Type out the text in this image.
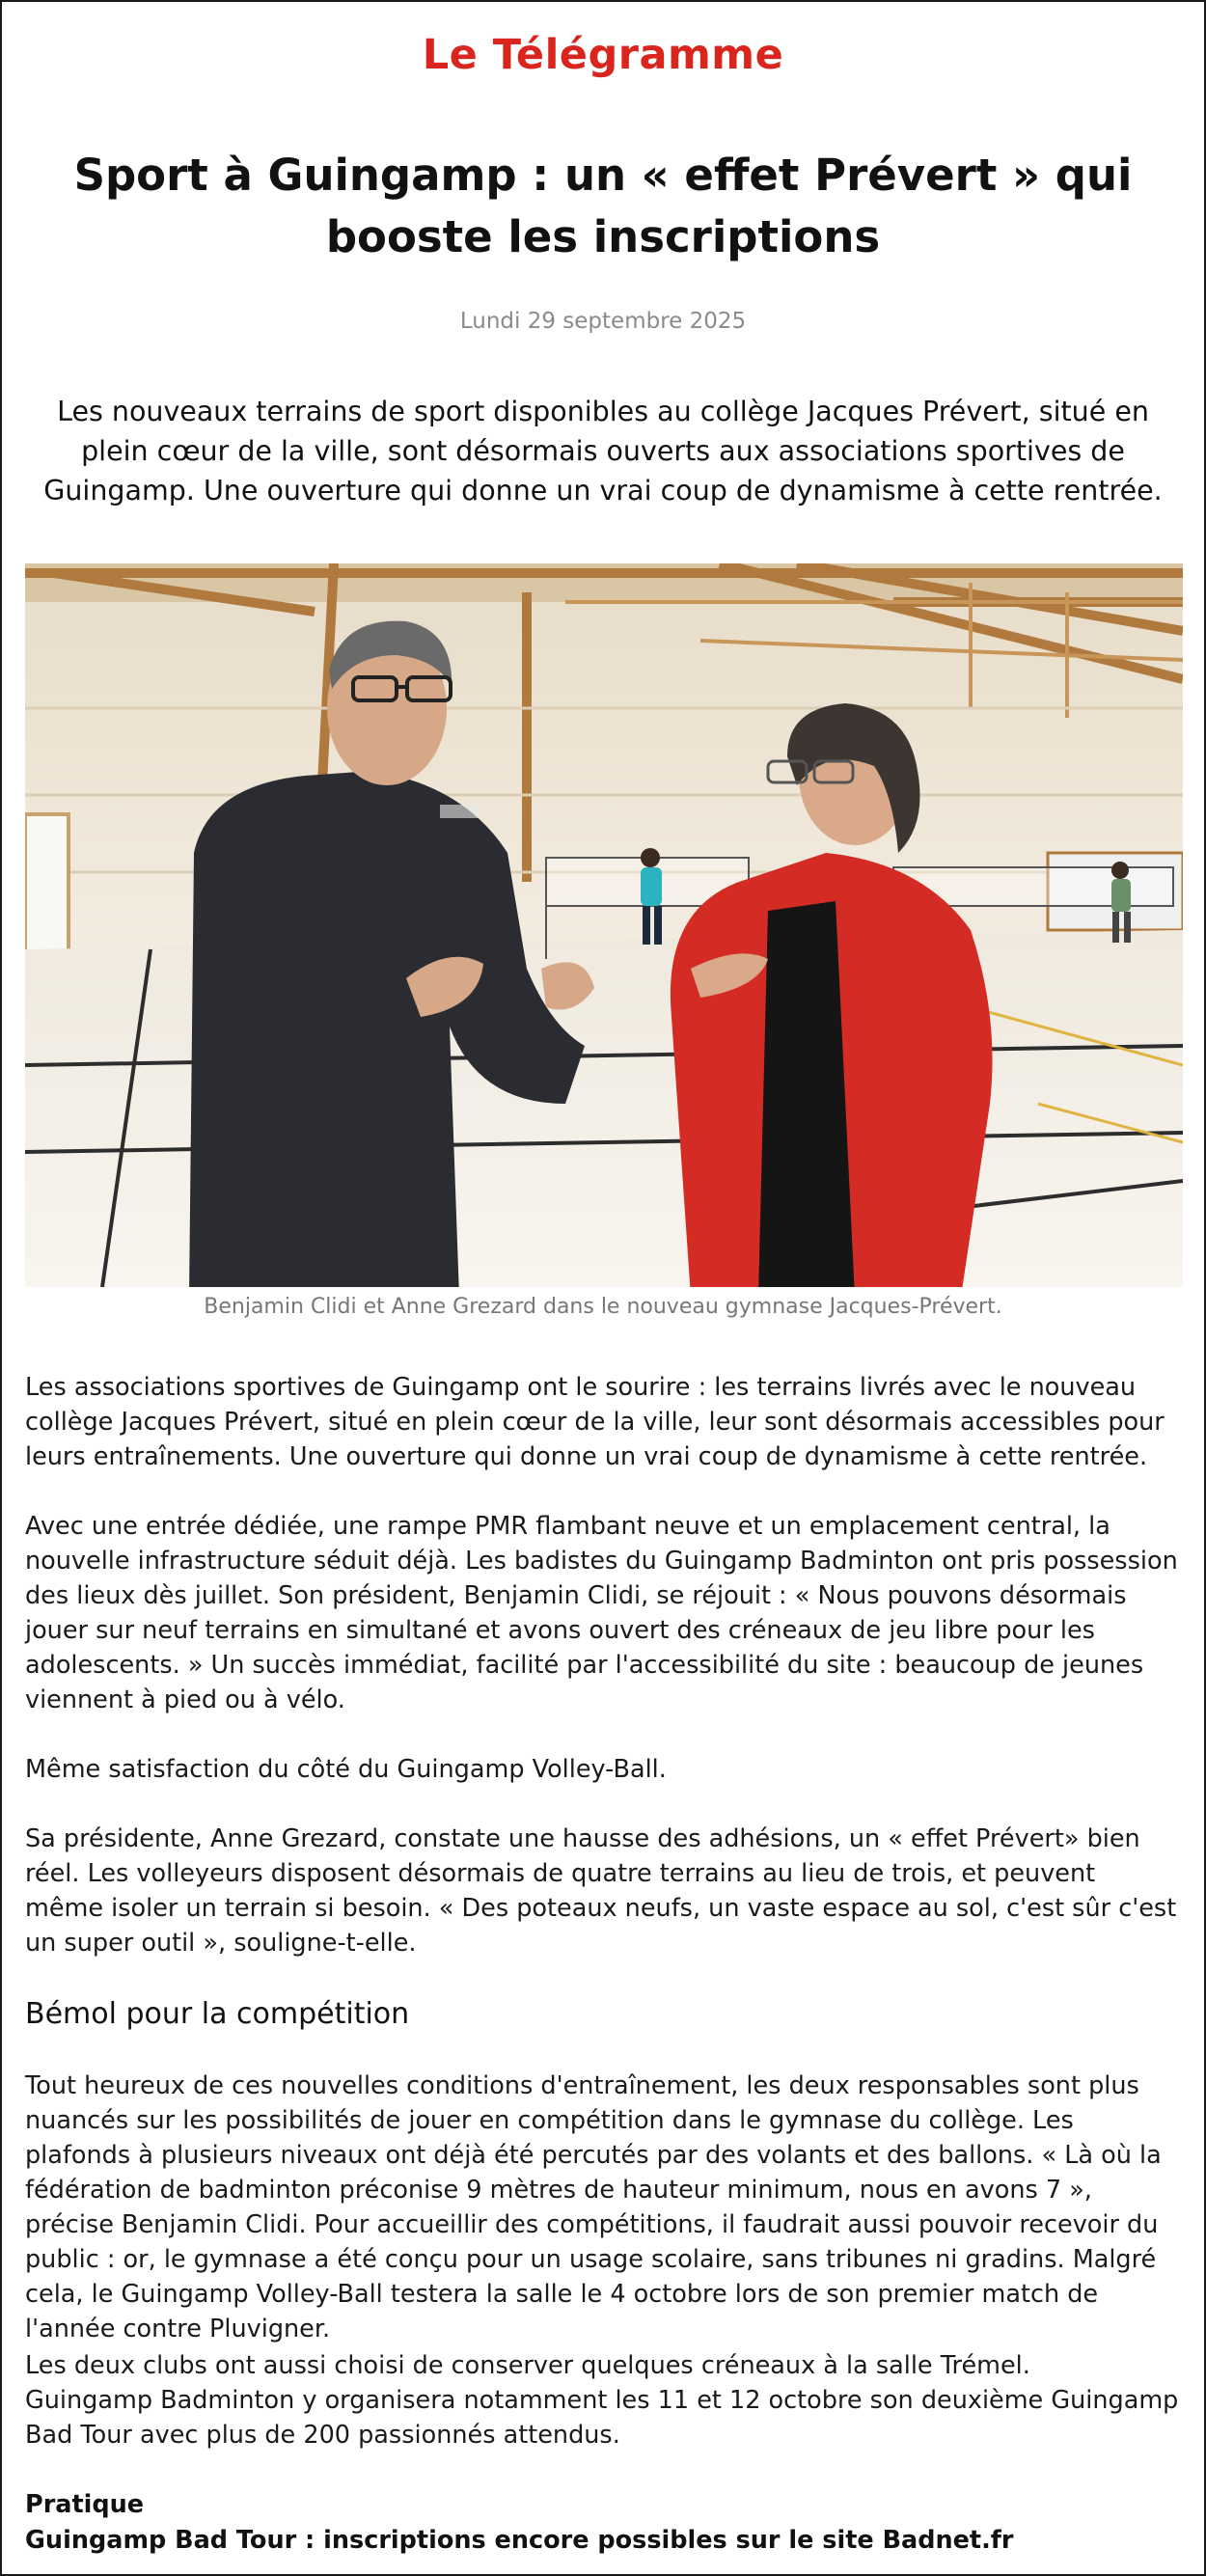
Le Télégramme
Sport à Guingamp : un « effet Prévert » qui booste les inscriptions
Lundi 29 septembre 2025
Les nouveaux terrains de sport disponibles au collège Jacques Prévert, situé en plein cœur de la ville, sont désormais ouverts aux associations sportives de Guingamp. Une ouverture qui donne un vrai coup de dynamisme à cette rentrée.
Benjamin Clidi et Anne Grezard dans le nouveau gymnase Jacques-Prévert.

Les associations sportives de Guingamp ont le sourire : les terrains livrés avec le nouveau collège Jacques Prévert, situé en plein cœur de la ville, leur sont désormais accessibles pour leurs entraînements. Une ouverture qui donne un vrai coup de dynamisme à cette rentrée.

Avec une entrée dédiée, une rampe PMR flambant neuve et un emplacement central, la nouvelle infrastructure séduit déjà. Les badistes du Guingamp Badminton ont pris possession des lieux dès juillet. Son président, Benjamin Clidi, se réjouit : « Nous pouvons désormais jouer sur neuf terrains en simultané et avons ouvert des créneaux de jeu libre pour les adolescents. » Un succès immédiat, facilité par l'accessibilité du site : beaucoup de jeunes viennent à pied ou à vélo.

Même satisfaction du côté du Guingamp Volley-Ball.

Sa présidente, Anne Grezard, constate une hausse des adhésions, un « effet Prévert» bien réel. Les volleyeurs disposent désormais de quatre terrains au lieu de trois, et peuvent même isoler un terrain si besoin. « Des poteaux neufs, un vaste espace au sol, c'est sûr c'est un super outil », souligne-t-elle.

Bémol pour la compétition

Tout heureux de ces nouvelles conditions d'entraînement, les deux responsables sont plus nuancés sur les possibilités de jouer en compétition dans le gymnase du collège. Les plafonds à plusieurs niveaux ont déjà été percutés par des volants et des ballons. « Là où la fédération de badminton préconise 9 mètres de hauteur minimum, nous en avons 7 », précise Benjamin Clidi. Pour accueillir des compétitions, il faudrait aussi pouvoir recevoir du public : or, le gymnase a été conçu pour un usage scolaire, sans tribunes ni gradins. Malgré cela, le Guingamp Volley-Ball testera la salle le 4 octobre lors de son premier match de l'année contre Pluvigner.

Les deux clubs ont aussi choisi de conserver quelques créneaux à la salle Trémel.

Guingamp Badminton y organisera notamment les 11 et 12 octobre son deuxième Guingamp Bad Tour avec plus de 200 passionnés attendus.

Pratique
Guingamp Bad Tour : inscriptions encore possibles sur le site Badnet.fr
